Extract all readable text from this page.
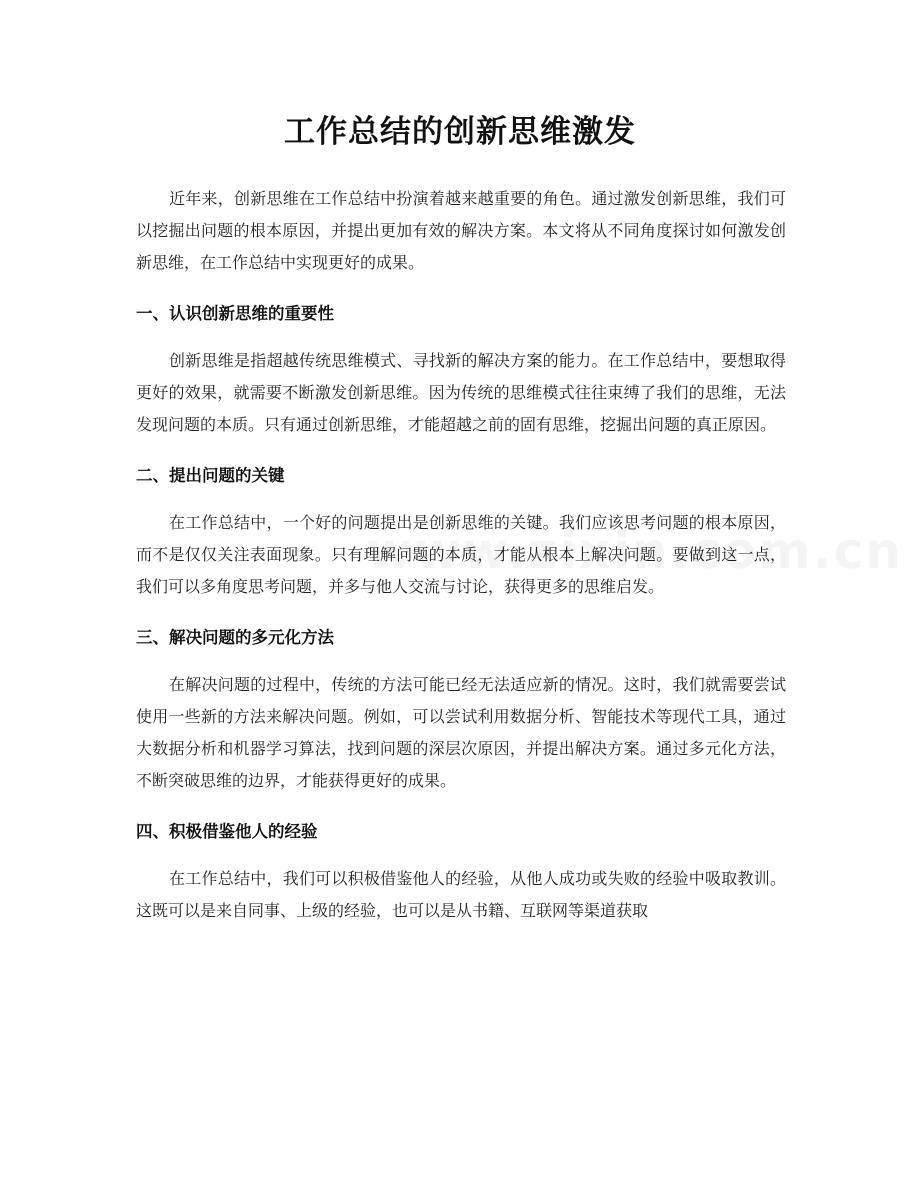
工作总结的创新思维激发

近年来，创新思维在工作总结中扮演着越来越重要的角色。通过激发创新思维，我们可以挖掘出问题的根本原因，并提出更加有效的解决方案。本文将从不同角度探讨如何激发创新思维，在工作总结中实现更好的成果。

一、认识创新思维的重要性

创新思维是指超越传统思维模式、寻找新的解决方案的能力。在工作总结中，要想取得更好的效果，就需要不断激发创新思维。因为传统的思维模式往往束缚了我们的思维，无法发现问题的本质。只有通过创新思维，才能超越之前的固有思维，挖掘出问题的真正原因。

二、提出问题的关键

在工作总结中，一个好的问题提出是创新思维的关键。我们应该思考问题的根本原因，而不是仅仅关注表面现象。只有理解问题的本质，才能从根本上解决问题。要做到这一点，我们可以多角度思考问题，并多与他人交流与讨论，获得更多的思维启发。

三、解决问题的多元化方法

在解决问题的过程中，传统的方法可能已经无法适应新的情况。这时，我们就需要尝试使用一些新的方法来解决问题。例如，可以尝试利用数据分析、智能技术等现代工具，通过大数据分析和机器学习算法，找到问题的深层次原因，并提出解决方案。通过多元化方法，不断突破思维的边界，才能获得更好的成果。

四、积极借鉴他人的经验

在工作总结中，我们可以积极借鉴他人的经验，从他人成功或失败的经验中吸取教训。这既可以是来自同事、上级的经验，也可以是从书籍、互联网等渠道获取
